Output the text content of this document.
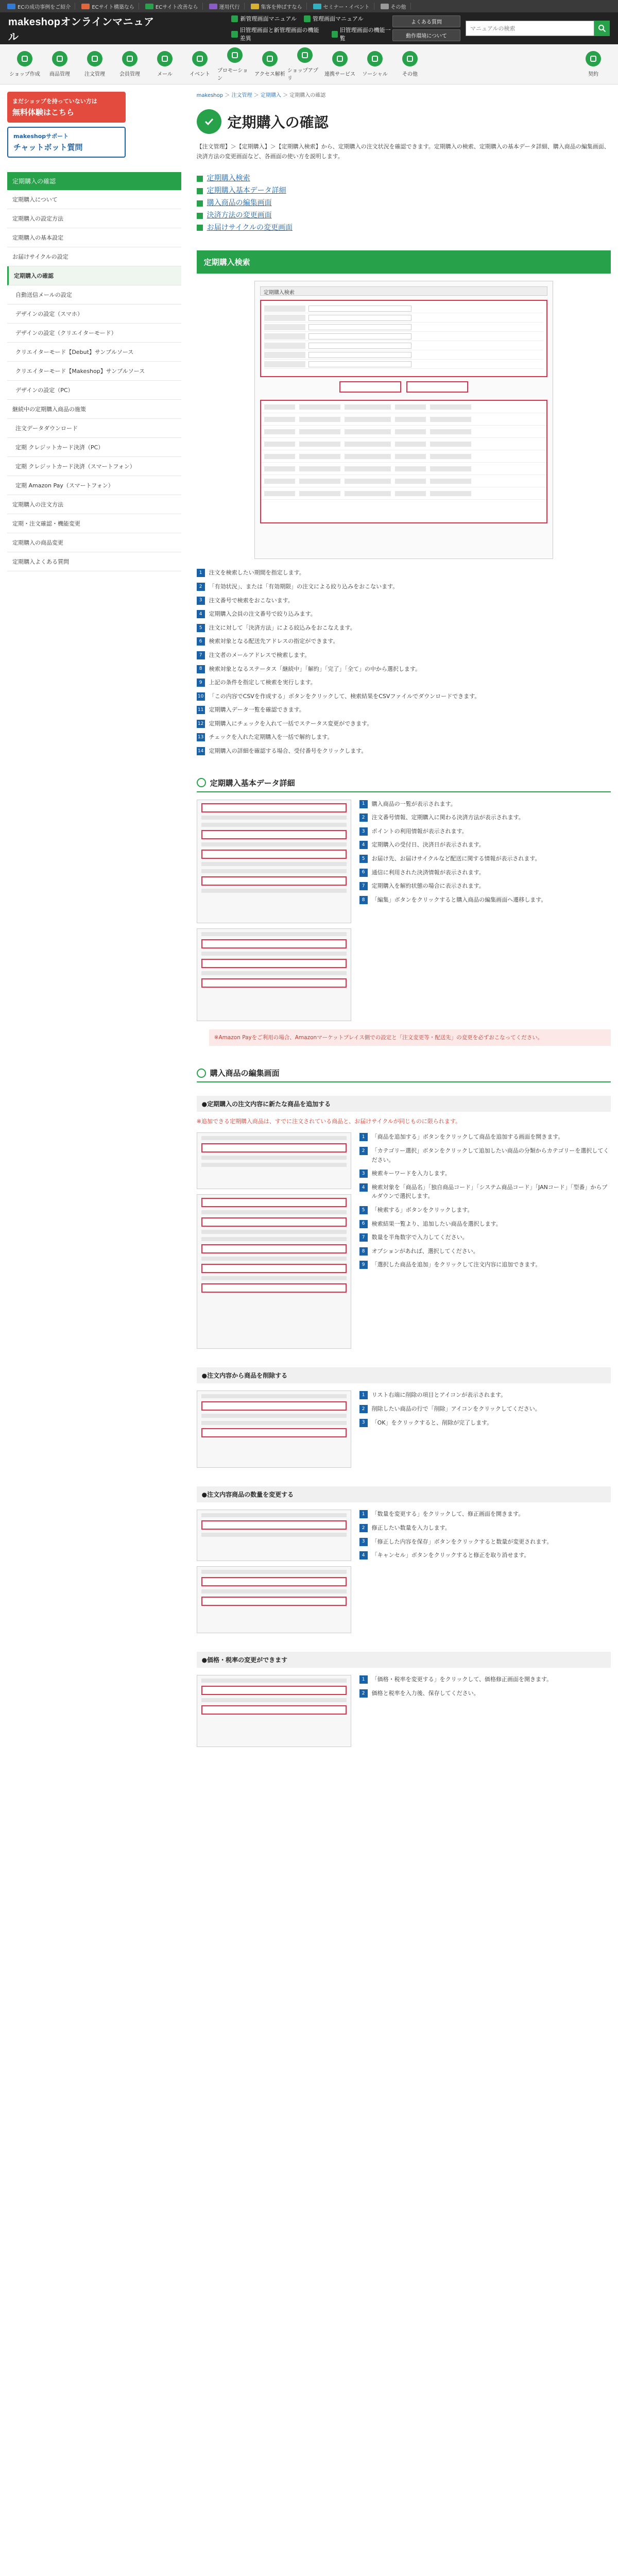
ECの成功事例をご紹介	ECサイト構築なら	ECサイト改善なら	運用代行	集客を伸ばすなら	セミナー・イベント	その他
makeshopオンラインマニュアル
新管理画面マニュアル	管理画面マニュアル
旧管理画面と新管理画面の機能差異
旧管理画面の機能一覧
よくある質問
動作環境について
マニュアルの検索
ショップ作成 商品管理	注文管理	会員管理	メール	イベント
プロモーション
アクセス解析
ショップアプリ
連携サービス ソーシャル	その他	契約
まだショップを持っていない方は
無料体験はこちら
makeshopサポート
チャットボット質問
定期購入の確認
定期購入について
定期購入の設定方法
定期購入の基本設定
お届けサイクルの設定
定期購入の確認
自動送信メールの設定
デザインの設定（スマホ）
デザインの設定（クリエイターモード）
クリエイターモード【Debut】サンプルソース
クリエイターモード【Makeshop】サンプルソース
デザインの設定（PC）
継続中の定期購入商品の施策
注文データダウンロード
定期 クレジットカード決済（PC）
定期 クレジットカード決済（スマートフォン）
定期 Amazon Pay（スマートフォン）
定期購入の注文方法
定期・注文確認・機能変更
定期購入の商品変更
定期購入よくある質問
makeshop ＞ 注文管理 ＞ 定期購入 ＞ 定期購入の確認
定期購入の確認

【注文管理】＞【定期購入】＞【定期購入検索】から、定期購入の注文状況を確認できます。定期購入の検索、定期購入の基本データ詳細、購入商品の編集画面、決済方法の変更画面など、各画面の使い方を説明します。

定期購入検索
定期購入基本データ詳細
購入商品の編集画面
決済方法の変更画面
お届けサイクルの変更画面
定期購入検索
定期購入検索
1	注文を検索したい期間を指定します。
2	「有効状況」、または「有効期限」の注文による絞り込みをおこないます。
3	注文番号で検索をおこないます。
4	定期購入会員の注文番号で絞り込みます。
5	注文に対して「決済方法」による絞込みをおこなえます。
6	検索対象となる配送先アドレスの指定ができます。
7	注文者のメールアドレスで検索します。
8	検索対象となるステータス「継続中」「解約」「完了」「全て」の中から選択します。
9	上記の条件を指定して検索を実行します。
10 「この内容でCSVを作成する」ボタンをクリックして、検索結果をCSVファイルでダウンロードできます。
11 定期購入データ一覧を確認できます。
12 定期購入にチェックを入れて一括でステータス変更ができます。
13 チェックを入れた定期購入を一括で解約します。
14 定期購入の詳細を確認する場合、受付番号をクリックします。
定期購入基本データ詳細
1	購入商品の一覧が表示されます。
2	注文番号情報、定期購入に関わる決済方法が表示されます。
3	ポイントの利用情報が表示されます。
4	定期購入の受付日、決済日が表示されます。
5	お届け先、お届けサイクルなど配送に関する情報が表示されます。
6	通信に利用された決済情報が表示されます。
7	定期購入を解約状態の場合に表示されます。
8	「編集」ボタンをクリックすると購入商品の編集画面へ遷移します。
※Amazon Payをご利用の場合、Amazonマーケットプレイス側での設定と「注文変更等・配送先」の変更を必ずおこなってください。
購入商品の編集画面
●定期購入の注文内容に新たな商品を追加する
※追加できる定期購入商品は、すでに注文されている商品と、お届けサイクルが同じものに限られます。
1	「商品を追加する」ボタンをクリックして商品を追加する画面を開きます。
2	「カテゴリー選択」ボタンをクリックして追加したい商品の分類からカテゴリーを選択してください。
3	検索キーワードを入力します。
4	検索対象を「商品名」「独自商品コード」「システム商品コード」「JANコード」「型番」からプルダウンで選択します。
5	「検索する」ボタンをクリックします。
6	検索結果一覧より、追加したい商品を選択します。
7	数量を半角数字で入力してください。
8	オプションがあれば、選択してください。
9	「選択した商品を追加」をクリックして注文内容に追加できます。
●注文内容から商品を削除する
1	リスト右端に削除の項目とアイコンが表示されます。
2	削除したい商品の行で「削除」アイコンをクリックしてください。
3	「OK」をクリックすると、削除が完了します。
●注文内容商品の数量を変更する
1	「数量を変更する」をクリックして、修正画面を開きます。
2	修正したい数量を入力します。
3	「修正した内容を保存」ボタンをクリックすると数量が変更されます。
4	「キャンセル」ボタンをクリックすると修正を取り消せます。
●価格・税率の変更ができます
1	「価格・税率を変更する」をクリックして、価格修正画面を開きます。
2	価格と税率を入力後、保存してください。
